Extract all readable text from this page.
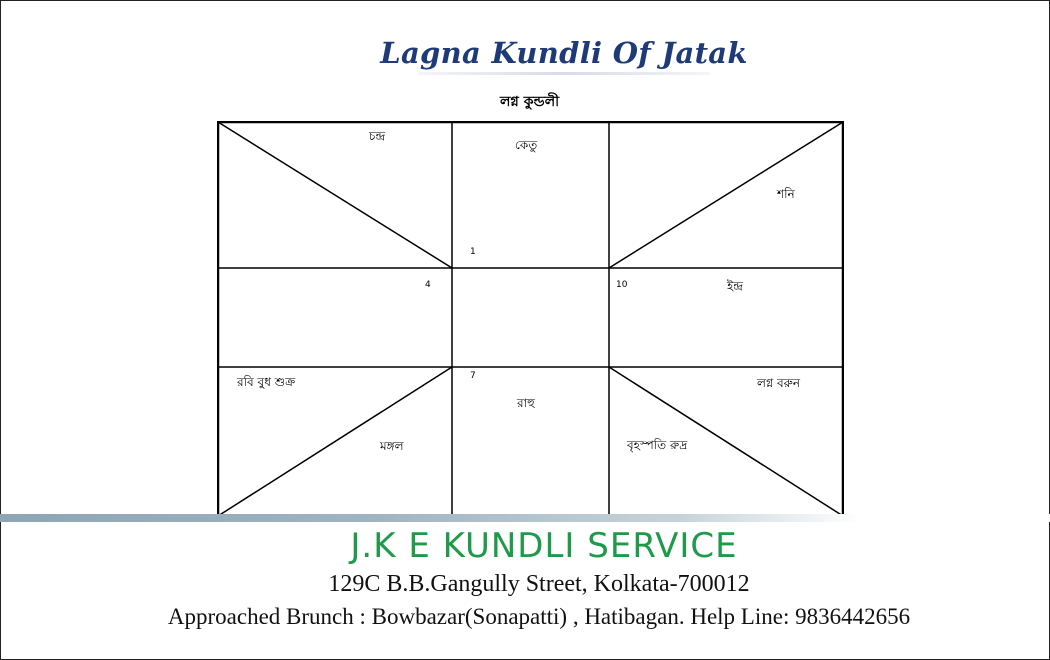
Lagna Kundli Of Jatak
লগ্ন কুন্ডলী
চন্দ্র
কেতু
শনি
ইন্দ্র
রবি বুধ শুক্র
মঙ্গল
রাহু
লগ্ন বরুন
বৃহস্পতি রুদ্র
1
4	10
7
J.K E KUNDLI SERVICE
129C B.B.Gangully Street, Kolkata-700012
Approached Brunch : Bowbazar(Sonapatti) , Hatibagan. Help Line: 9836442656
